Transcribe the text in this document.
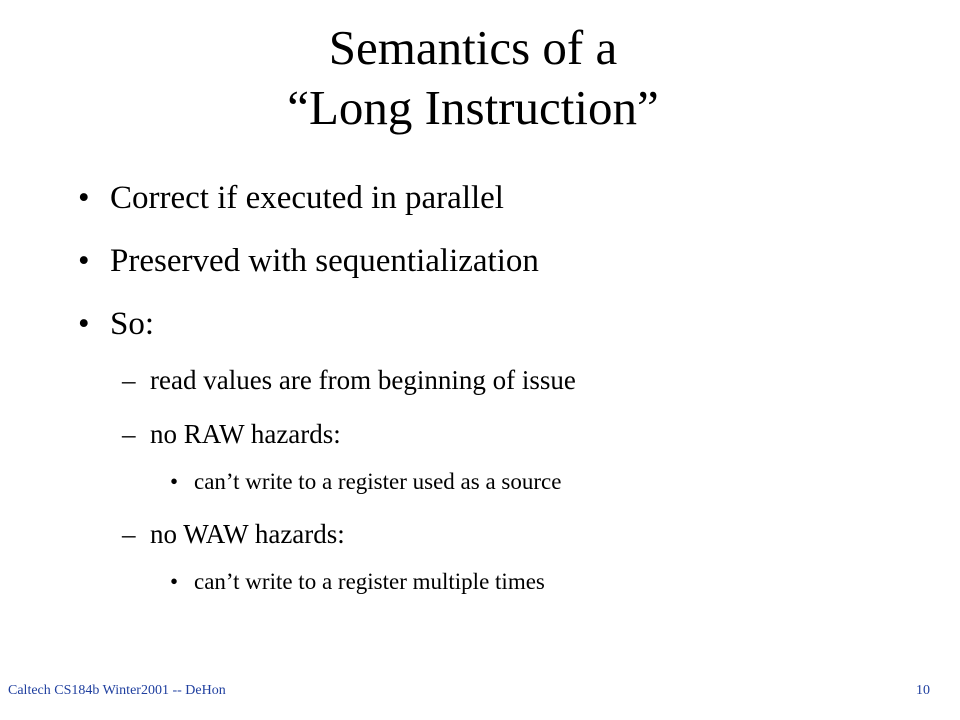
Semantics of a
“Long Instruction”
• Correct if executed in parallel
• Preserved with sequentialization
• So:
– read values are from beginning of issue
– no RAW hazards:
• can’t write to a register used as a source
– no WAW hazards:
• can’t write to a register multiple times
Caltech CS184b Winter2001 -- DeHon	10
